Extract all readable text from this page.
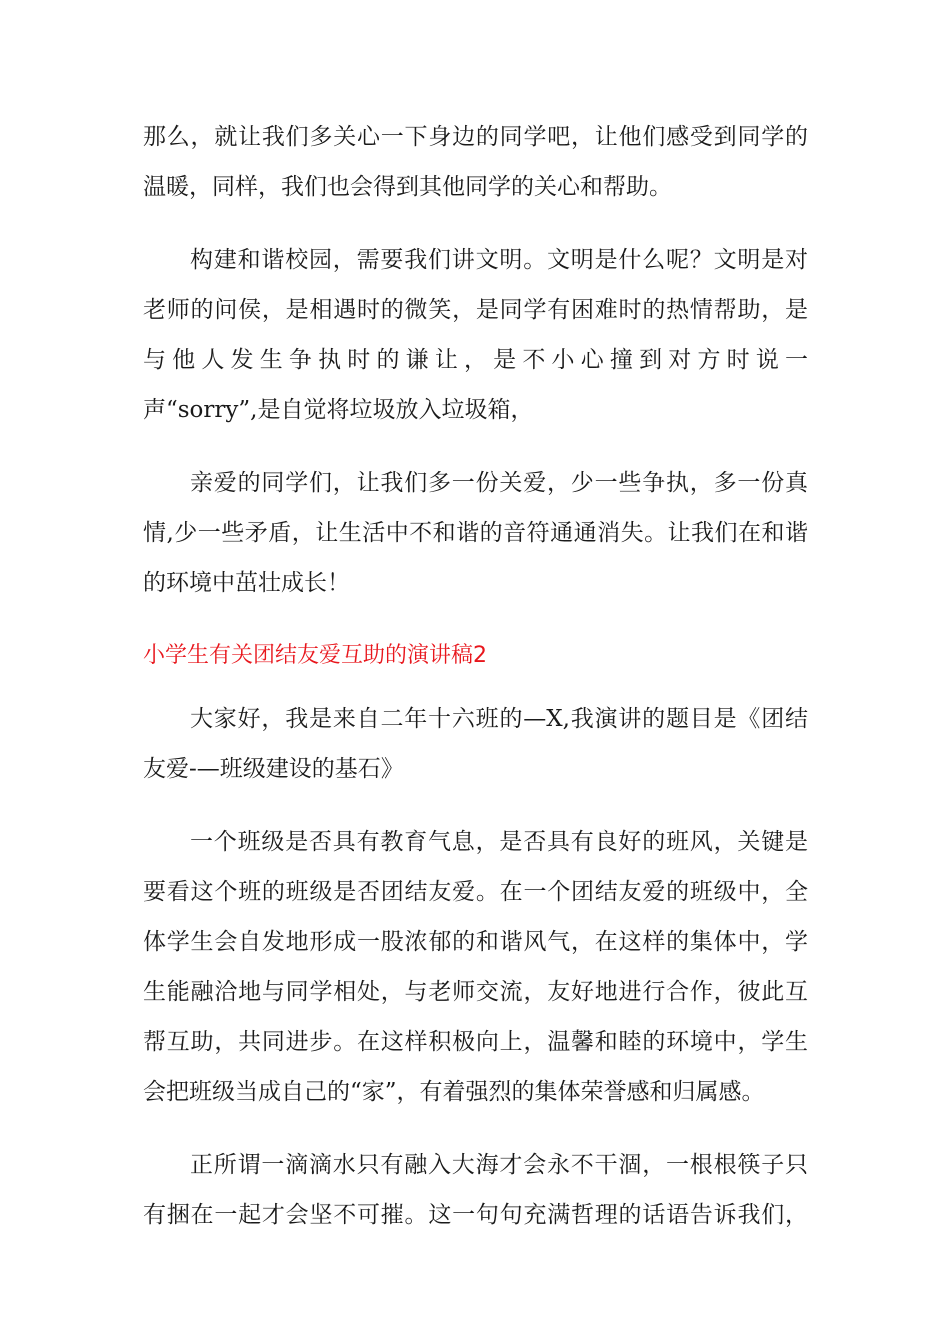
那么，就让我们多关心一下身边的同学吧，让他们感受到同学的
温暖，同样，我们也会得到其他同学的关心和帮助。
构建和谐校园，需要我们讲文明。文明是什么呢？文明是对
老师的问侯，是相遇时的微笑，是同学有困难时的热情帮助，是
与他人发生争执时的谦让，是不小心撞到对方时说一
声“sorry”,是自觉将垃圾放入垃圾箱，
亲爱的同学们，让我们多一份关爱，少一些争执，多一份真
情,少一些矛盾，让生活中不和谐的音符通通消失。让我们在和谐
的环境中茁壮成长！
小学生有关团结友爱互助的演讲稿2
大家好，我是来自二年十六班的—X,我演讲的题目是《团结
友爱-—班级建设的基石》
一个班级是否具有教育气息，是否具有良好的班风，关键是
要看这个班的班级是否团结友爱。在一个团结友爱的班级中，全
体学生会自发地形成一股浓郁的和谐风气，在这样的集体中，学
生能融洽地与同学相处，与老师交流，友好地进行合作，彼此互
帮互助，共同进步。在这样积极向上，温馨和睦的环境中，学生
会把班级当成自己的“家”，有着强烈的集体荣誉感和归属感。
正所谓一滴滴水只有融入大海才会永不干涸，一根根筷子只
有捆在一起才会坚不可摧。这一句句充满哲理的话语告诉我们，
